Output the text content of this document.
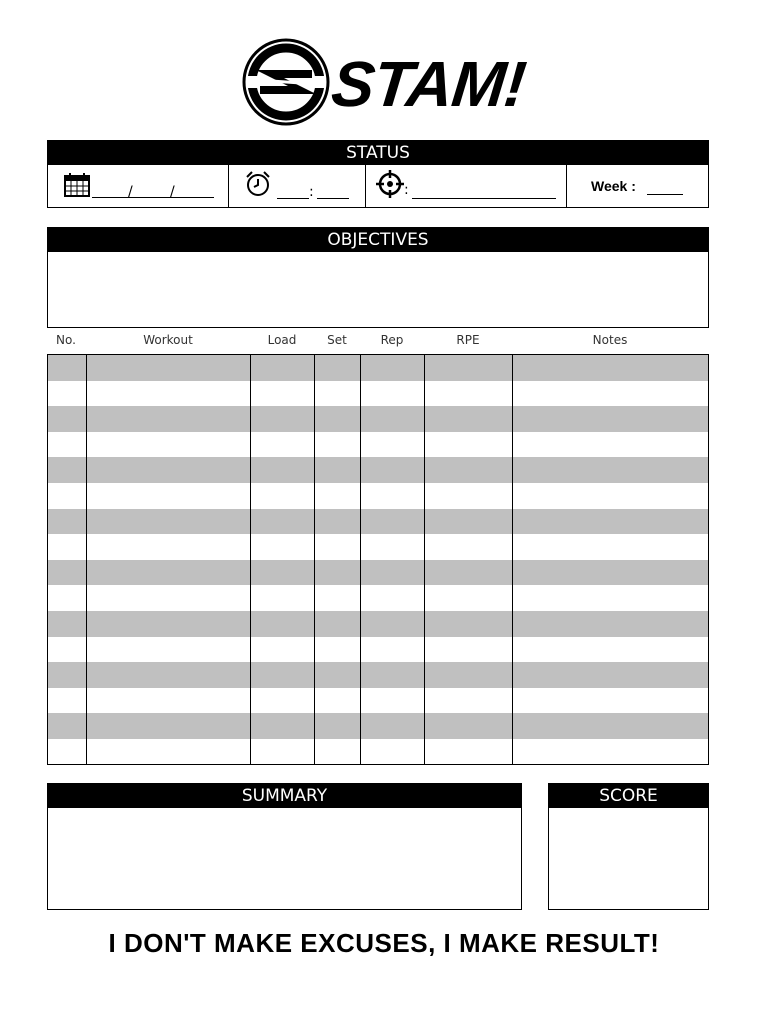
STAM!
STATUS
/	/	:	:	Week :
OBJECTIVES
No.	Workout	Load	Set	Rep	RPE	Notes
SUMMARY	SCORE
I DON'T MAKE EXCUSES, I MAKE RESULT!
